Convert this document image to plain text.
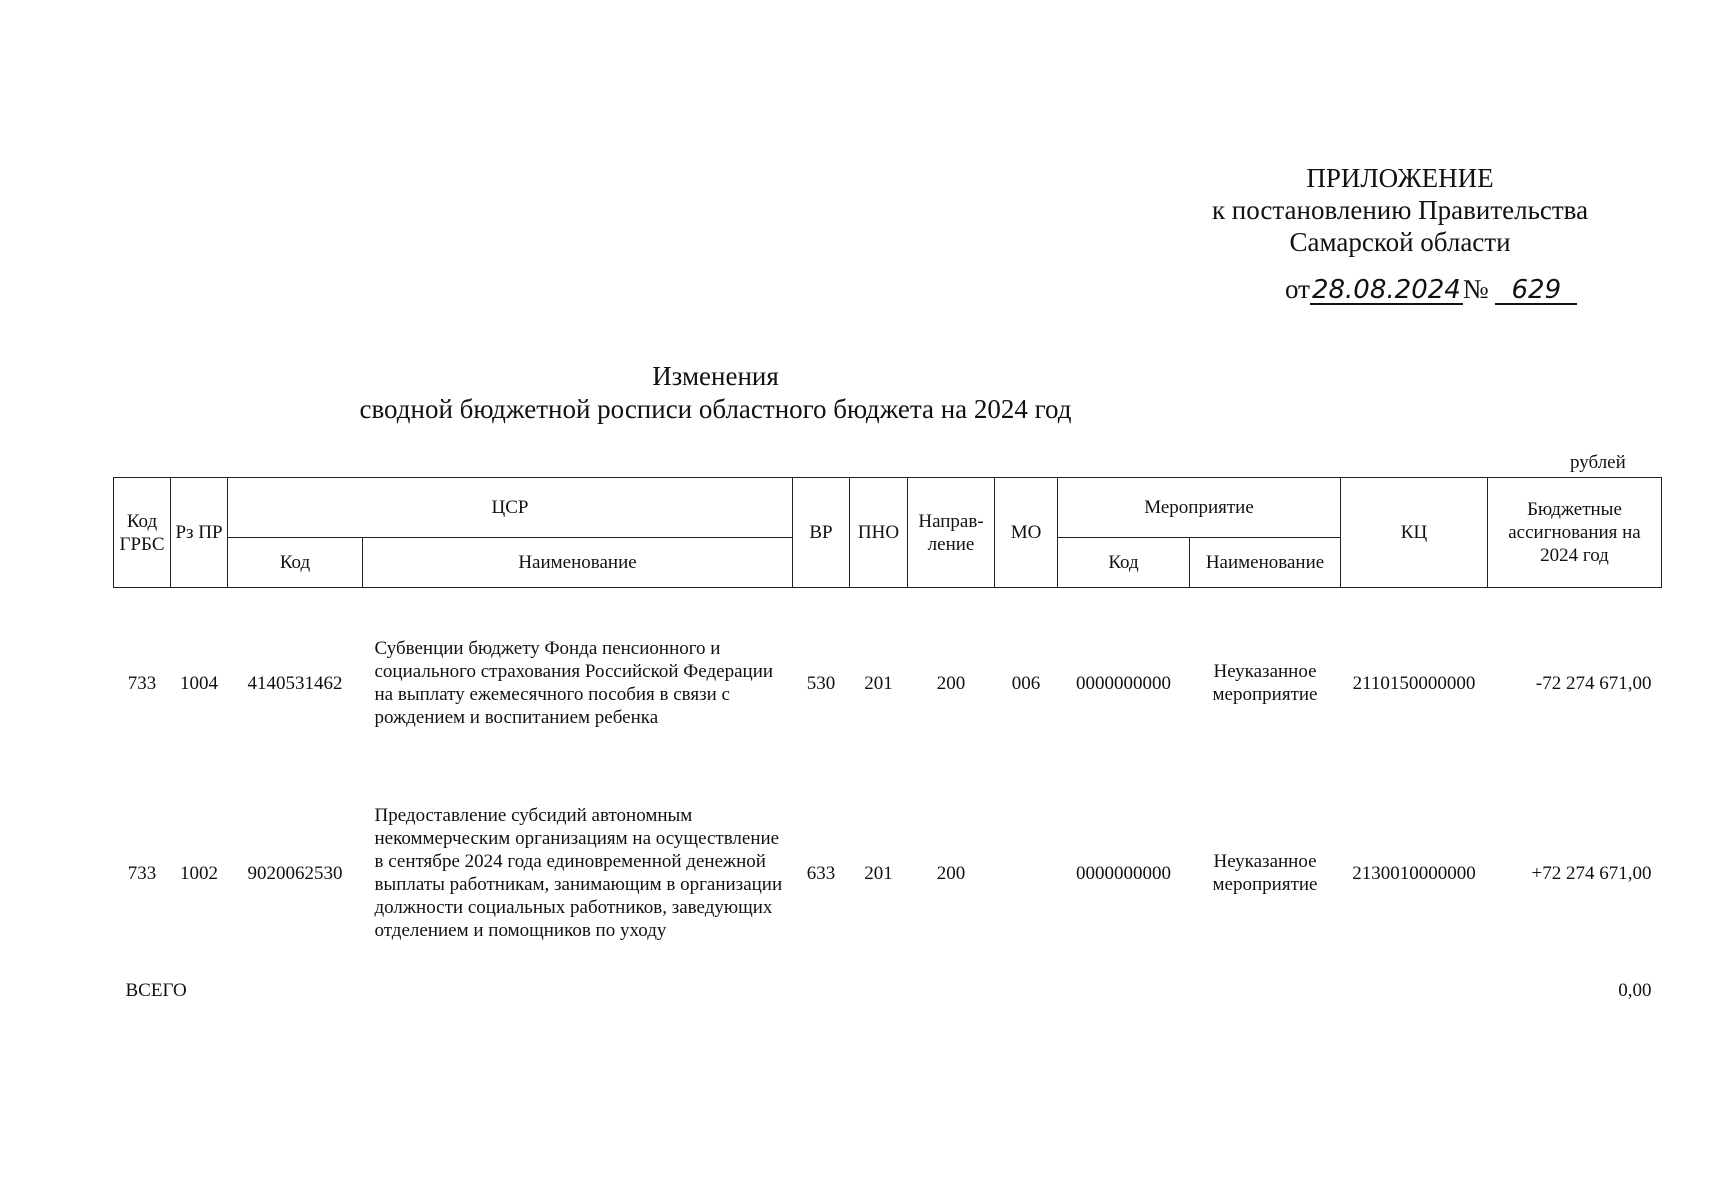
ПРИЛОЖЕНИЕ
к постановлению Правительства
Самарской области
от28.08.2024№ 629
Изменения
сводной бюджетной росписи областного бюджета на 2024 год
рублей
Код ГРБС	Рз ПР	ЦСР		ВР	ПНО	Направ-ление	МО	Мероприятие		КЦ	Бюджетные ассигнования на 2024 год
		Код	Наименование					Код	Наименование		
733	1004	4140531462	Субвенции бюджету Фонда пенсионного и социального страхования Российской Федерации на выплату ежемесячного пособия в связи с рождением и воспитанием ребенка	530	201	200	006	0000000000	Неуказанное мероприятие	2110150000000	-72 274 671,00
733	1002	9020062530	Предоставление субсидий автономным некоммерческим организациям на осуществление в сентябре 2024 года единовременной денежной выплаты работникам, занимающим в организации должности социальных работников, заведующих отделением и помощников по уходу	633	201	200		0000000000	Неуказанное мероприятие	2130010000000	+72 274 671,00
ВСЕГО											0,00
